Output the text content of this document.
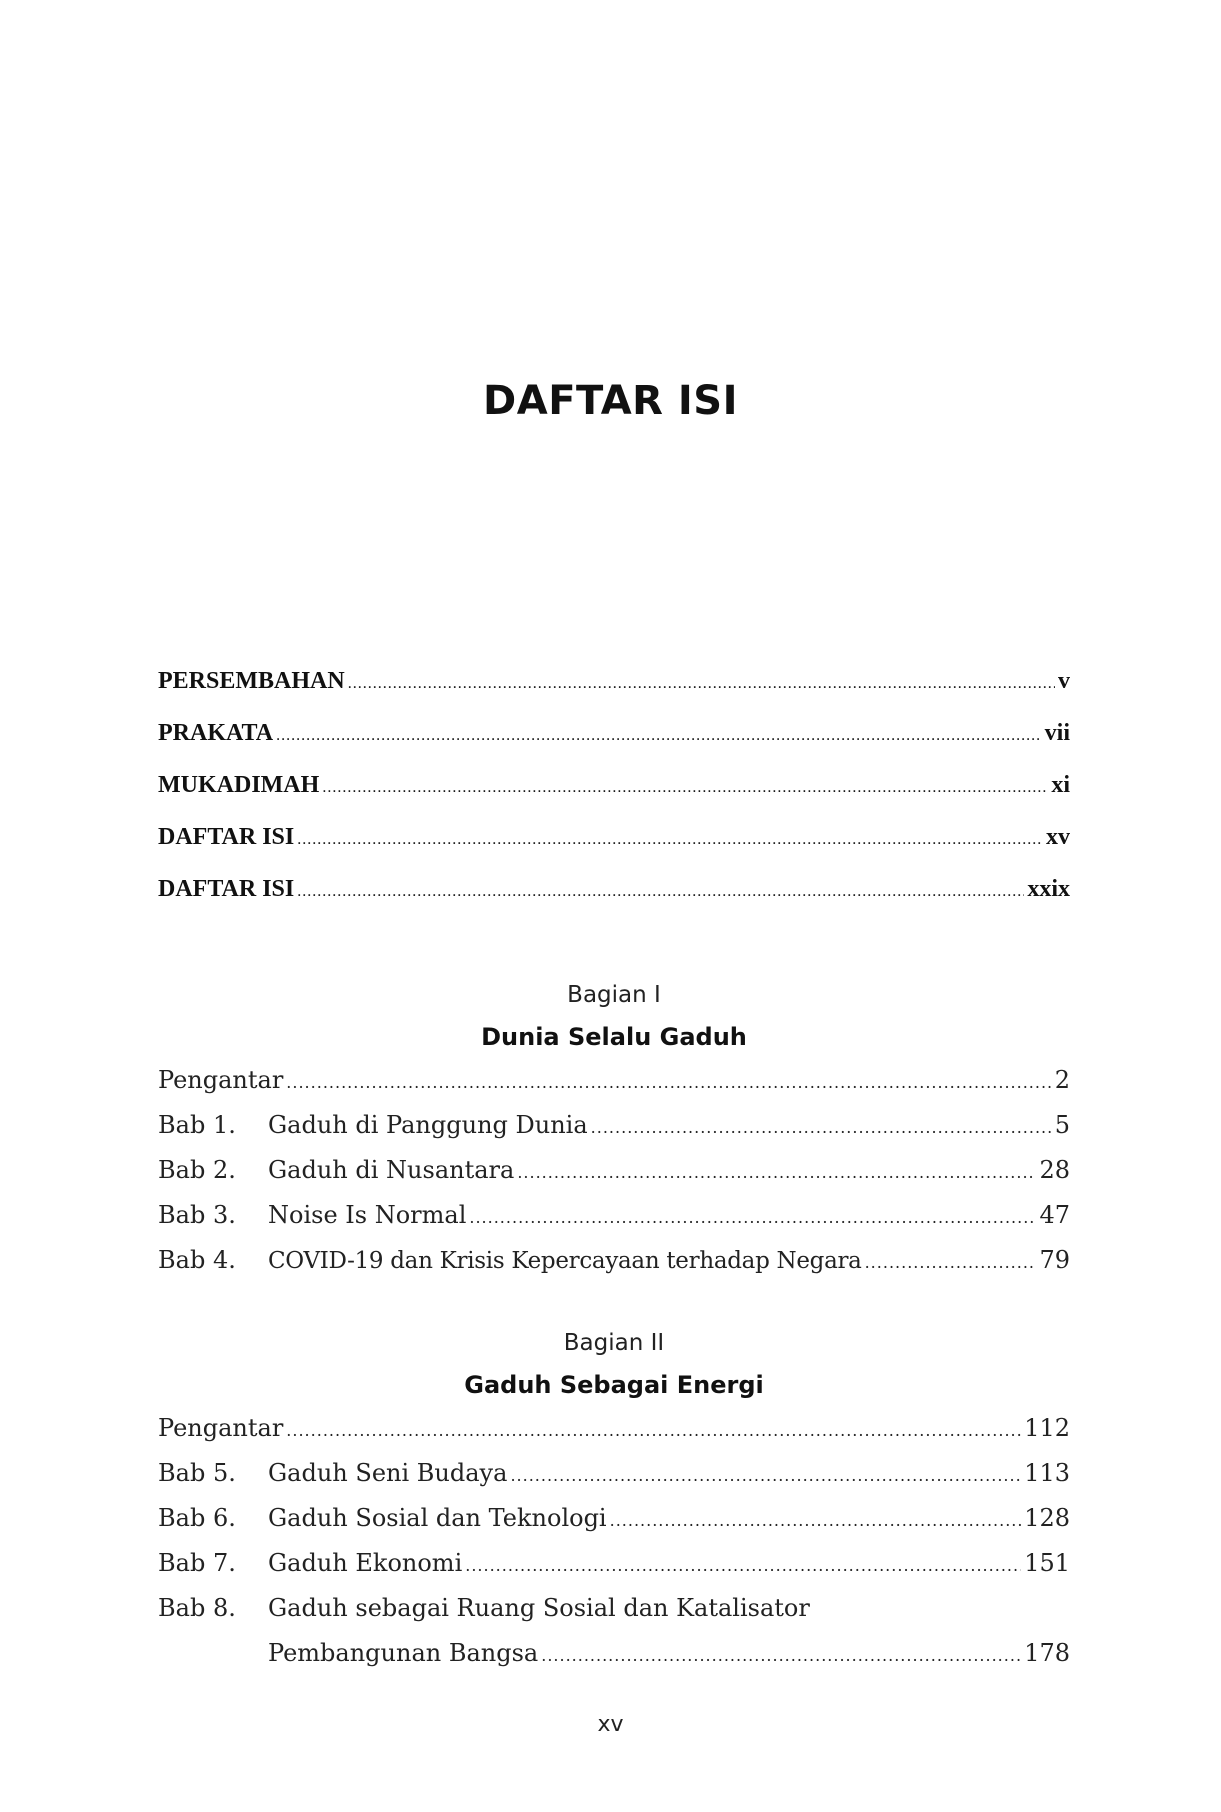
DAFTAR ISI
PERSEMBAHAN .....	v
PRAKATA .....	vii
MUKADIMAH .....	xi
DAFTAR ISI .....	xv
DAFTAR ISI .....	xxix
Bagian I
Dunia Selalu Gaduh
Pengantar .....	2
Bab 1.	Gaduh di Panggung Dunia .....	5
Bab 2.	Gaduh di Nusantara .....	28
Bab 3.	Noise Is Normal .....	47
Bab 4.	COVID-19 dan Krisis Kepercayaan terhadap Negara .....	79
Bagian II
Gaduh Sebagai Energi
Pengantar .....	112
Bab 5.	Gaduh Seni Budaya .....	113
Bab 6.	Gaduh Sosial dan Teknologi .....	128
Bab 7.	Gaduh Ekonomi .....	151
Bab 8.	Gaduh sebagai Ruang Sosial dan Katalisator
Pembangunan Bangsa .....	178
xv
